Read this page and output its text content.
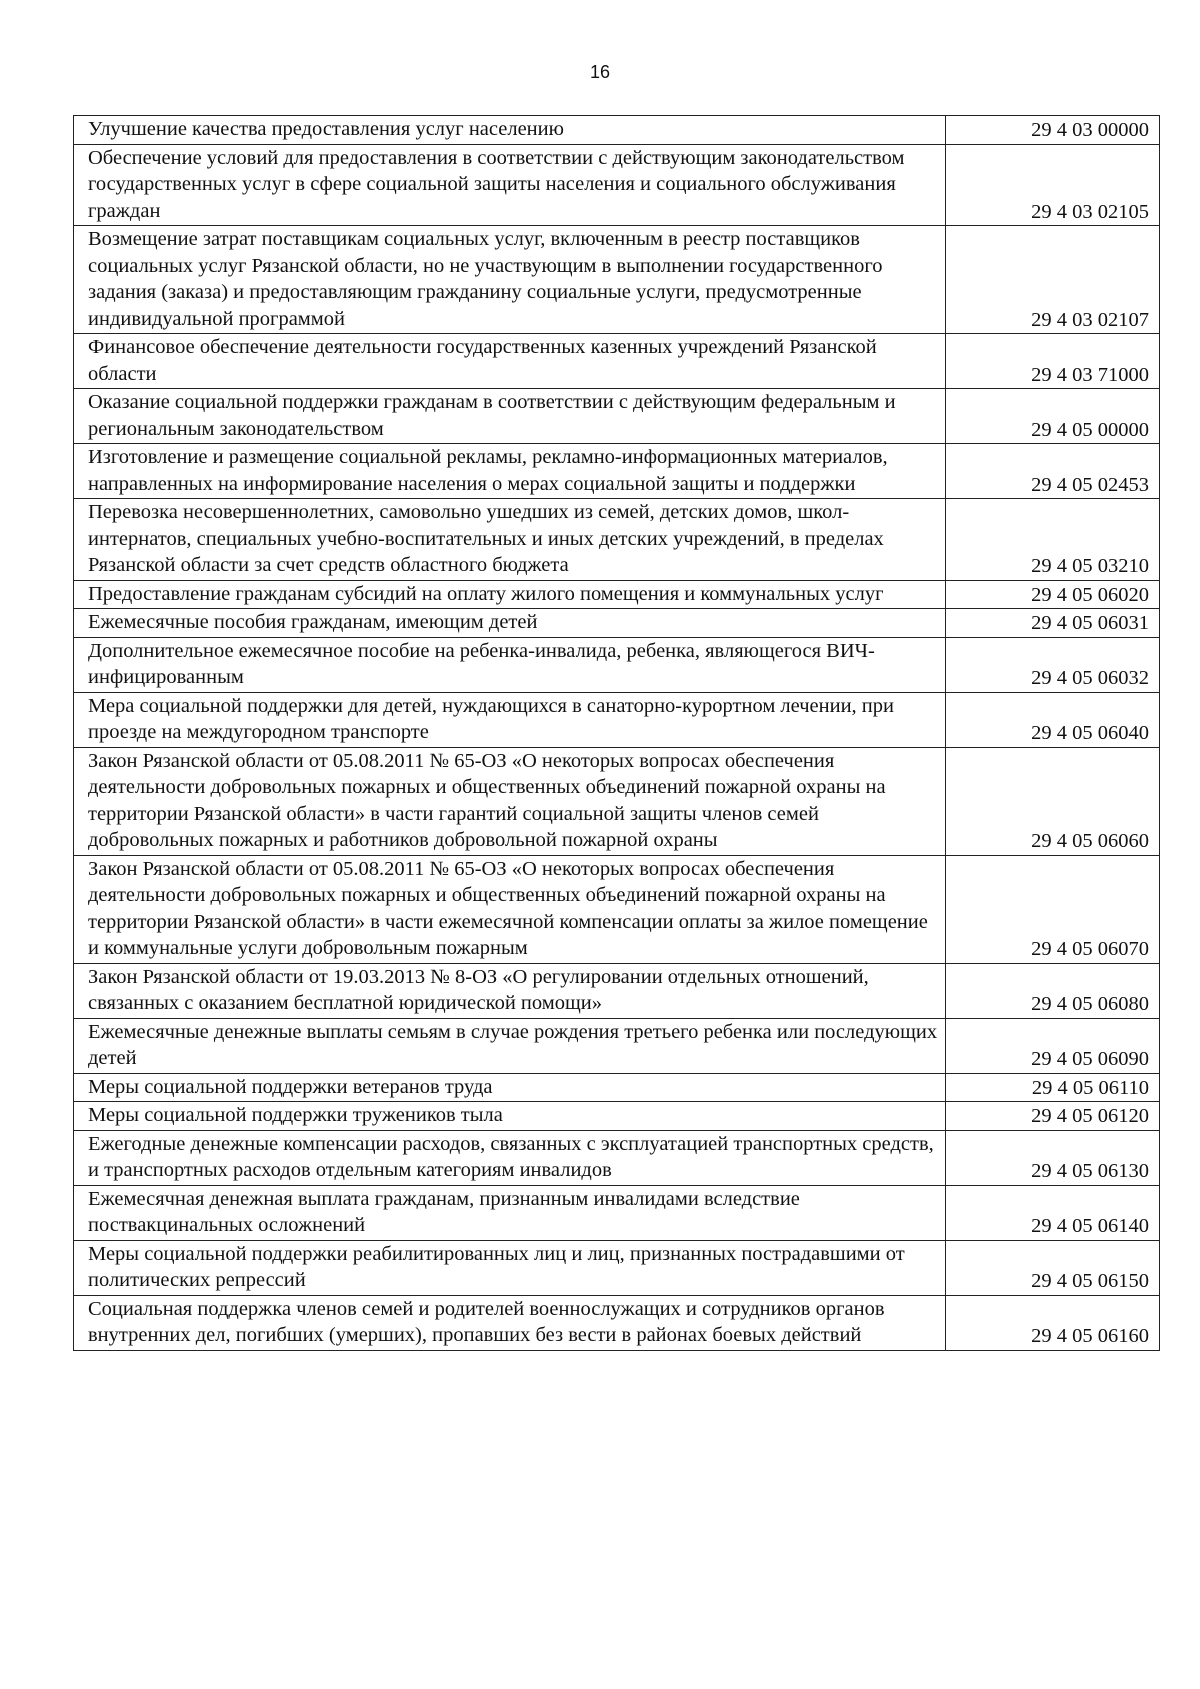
16
Улучшение качества предоставления услуг населению	29 4 03 00000
Обеспечение условий для предоставления в соответствии с действующим законодательством государственных услуг в сфере социальной защиты населения и социального обслуживания граждан	29 4 03 02105
Возмещение затрат поставщикам социальных услуг, включенным в реестр поставщиков социальных услуг Рязанской области, но не участвующим в выполнении государственного задания (заказа) и предоставляющим гражданину социальные услуги, предусмотренные индивидуальной программой	29 4 03 02107
Финансовое обеспечение деятельности государственных казенных учреждений Рязанской области	29 4 03 71000
Оказание социальной поддержки гражданам в соответствии с действующим федеральным и региональным законодательством	29 4 05 00000
Изготовление и размещение социальной рекламы, рекламно-информационных материалов, направленных на информирование населения о мерах социальной защиты и поддержки	29 4 05 02453
Перевозка несовершеннолетних, самовольно ушедших из семей, детских домов, школ-интернатов, специальных учебно-воспитательных и иных детских учреждений, в пределах Рязанской области за счет средств областного бюджета	29 4 05 03210
Предоставление гражданам субсидий на оплату жилого помещения и коммунальных услуг	29 4 05 06020
Ежемесячные пособия гражданам, имеющим детей	29 4 05 06031
Дополнительное ежемесячное пособие на ребенка-инвалида, ребенка, являющегося ВИЧ-инфицированным	29 4 05 06032
Мера социальной поддержки для детей, нуждающихся в санаторно-курортном лечении, при проезде на междугородном транспорте	29 4 05 06040
Закон Рязанской области от 05.08.2011 № 65-ОЗ «О некоторых вопросах обеспечения деятельности добровольных пожарных и общественных объединений пожарной охраны на территории Рязанской области» в части гарантий социальной защиты членов семей добровольных пожарных и работников добровольной пожарной охраны	29 4 05 06060
Закон Рязанской области от 05.08.2011 № 65-ОЗ «О некоторых вопросах обеспечения деятельности добровольных пожарных и общественных объединений пожарной охраны на территории Рязанской области» в части ежемесячной компенсации оплаты за жилое помещение и коммунальные услуги добровольным пожарным	29 4 05 06070
Закон Рязанской области от 19.03.2013 № 8-ОЗ «О регулировании отдельных отношений, связанных с оказанием бесплатной юридической помощи»	29 4 05 06080
Ежемесячные денежные выплаты семьям в случае рождения третьего ребенка или последующих детей	29 4 05 06090
Меры социальной поддержки ветеранов труда	29 4 05 06110
Меры социальной поддержки тружеников тыла	29 4 05 06120
Ежегодные денежные компенсации расходов, связанных с эксплуатацией транспортных средств, и транспортных расходов отдельным категориям инвалидов	29 4 05 06130
Ежемесячная денежная выплата гражданам, признанным инвалидами вследствие поствакцинальных осложнений	29 4 05 06140
Меры социальной поддержки реабилитированных лиц и лиц, признанных пострадавшими от политических репрессий	29 4 05 06150
Социальная поддержка членов семей и родителей военнослужащих и сотрудников органов внутренних дел, погибших (умерших), пропавших без вести в районах боевых действий	29 4 05 06160
